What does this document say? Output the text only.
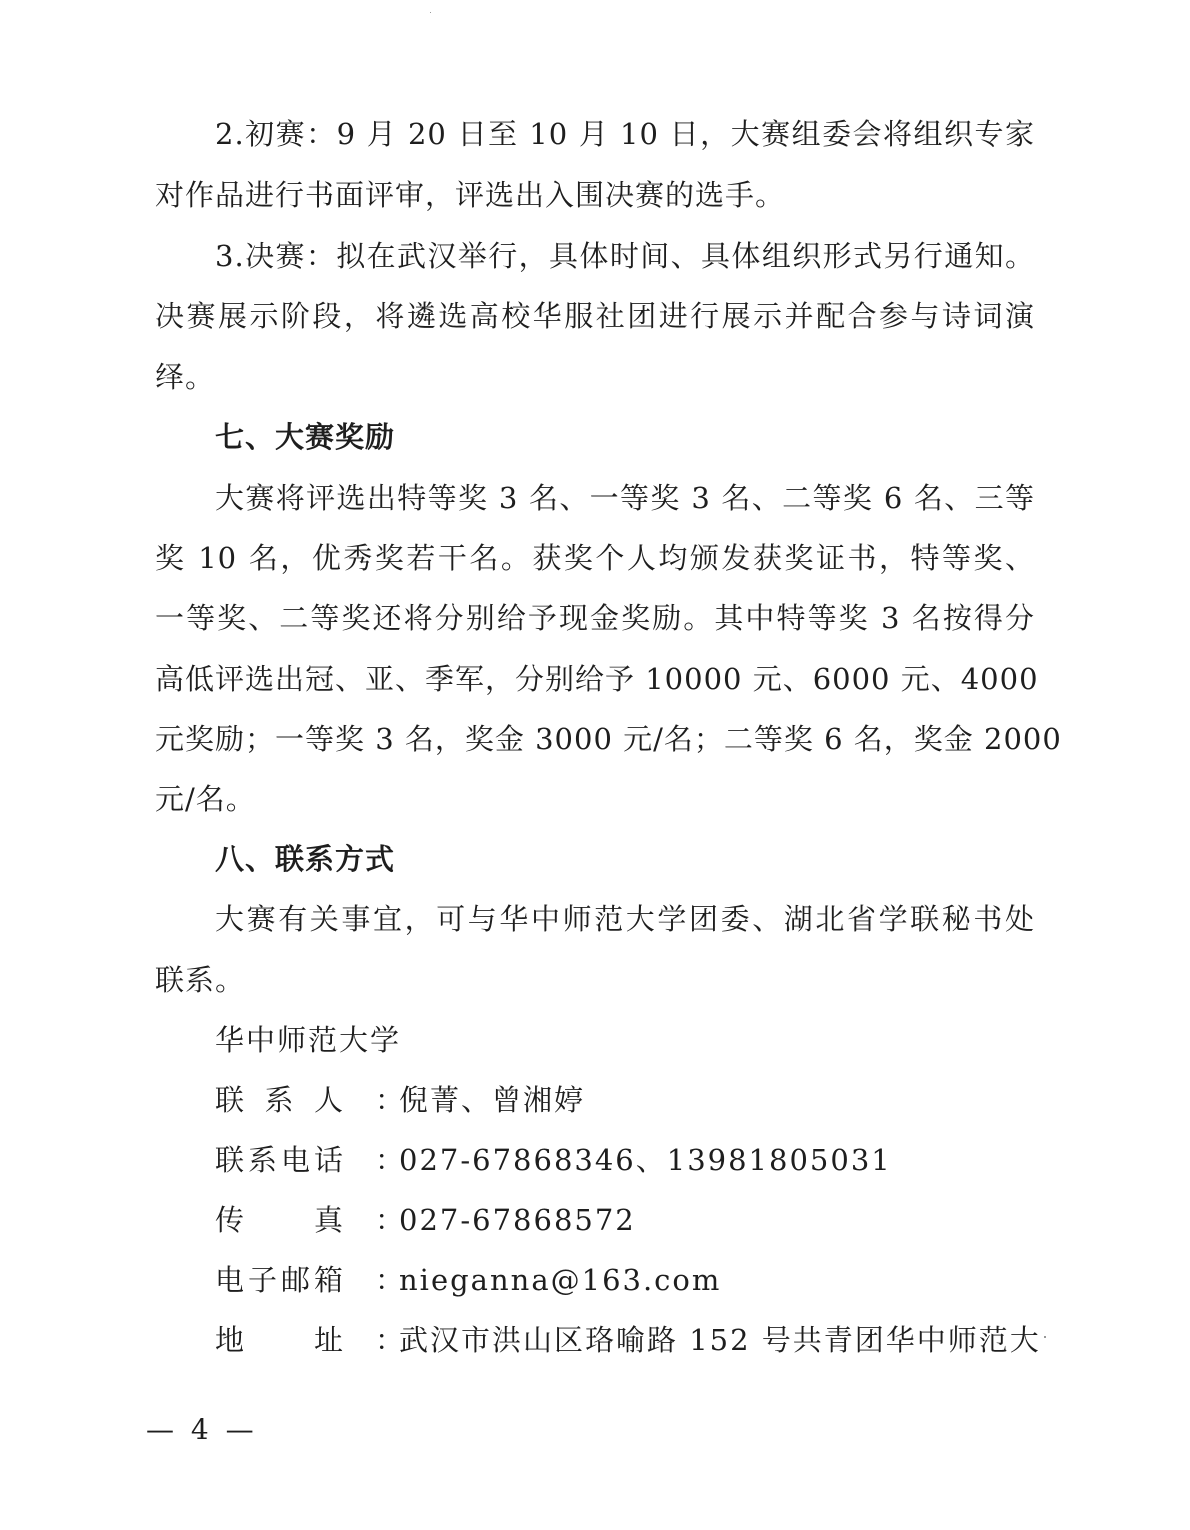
2.初赛：9 月 20 日至 10 月 10 日，大赛组委会将组织专家
对作品进行书面评审，评选出入围决赛的选手。
3.决赛：拟在武汉举行，具体时间、具体组织形式另行通知。
决赛展示阶段，将遴选高校华服社团进行展示并配合参与诗词演
绎。
七、大赛奖励
大赛将评选出特等奖 3 名、一等奖 3 名、二等奖 6 名、三等
奖 10 名，优秀奖若干名。获奖个人均颁发获奖证书，特等奖、
一等奖、二等奖还将分别给予现金奖励。其中特等奖 3 名按得分
高低评选出冠、亚、季军，分别给予 10000 元、6000 元、4000
元奖励；一等奖 3 名，奖金 3000 元/名；二等奖 6 名，奖金 2000
元/名。
八、联系方式
大赛有关事宜，可与华中师范大学团委、湖北省学联秘书处
联系。
华中师范大学
联系人 ：倪菁、曾湘婷
联系电话 ：027-67868346、13981805031
传真 ：027-67868572
电子邮箱 ：nieganna@163.com
地址 ：武汉市洪山区珞喻路 152 号共青团华中师范大
— 4 —
